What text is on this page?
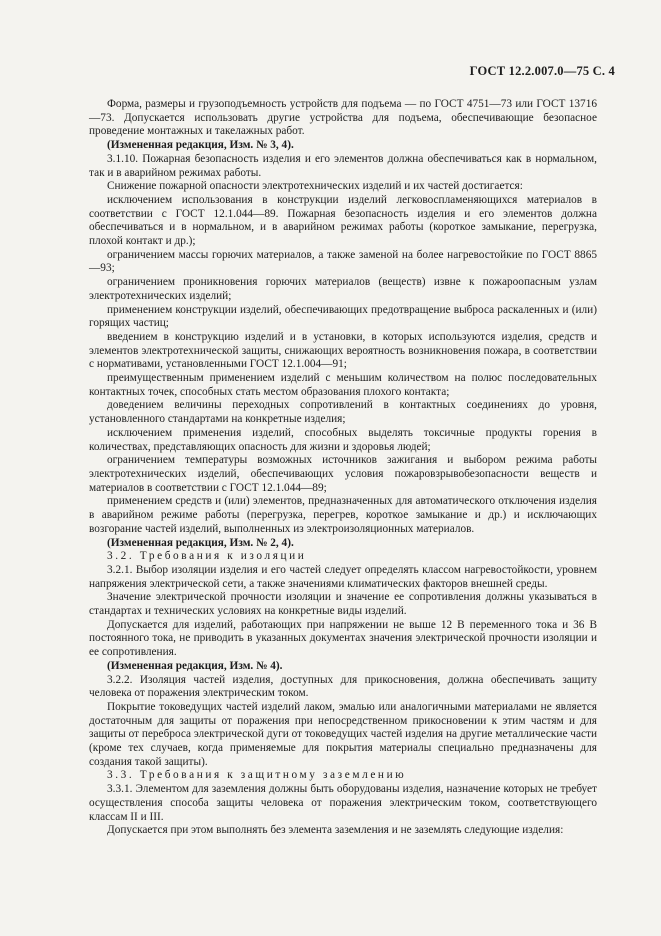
ГОСТ 12.2.007.0—75 С. 4

Форма, размеры и грузоподъемность устройств для подъема — по ГОСТ 4751—73 или ГОСТ 13716—73. Допускается использовать другие устройства для подъема, обеспечивающие безопасное проведение монтажных и такелажных работ.

(Измененная редакция, Изм. № 3, 4).

3.1.10. Пожарная безопасность изделия и его элементов должна обеспечиваться как в нормальном, так и в аварийном режимах работы.

Снижение пожарной опасности электротехнических изделий и их частей достигается:

исключением использования в конструкции изделий легковоспламеняющихся материалов в соответствии с ГОСТ 12.1.044—89. Пожарная безопасность изделия и его элементов должна обеспечиваться и в нормальном, и в аварийном режимах работы (короткое замыкание, перегрузка, плохой контакт и др.);

ограничением массы горючих материалов, а также заменой на более нагревостойкие по ГОСТ 8865—93;

ограничением проникновения горючих материалов (веществ) извне к пожароопасным узлам электротехнических изделий;

применением конструкции изделий, обеспечивающих предотвращение выброса раскаленных и (или) горящих частиц;

введением в конструкцию изделий и в установки, в которых используются изделия, средств и элементов электротехнической защиты, снижающих вероятность возникновения пожара, в соответствии с нормативами, установленными ГОСТ 12.1.004—91;

преимущественным применением изделий с меньшим количеством на полюс последовательных контактных точек, способных стать местом образования плохого контакта;

доведением величины переходных сопротивлений в контактных соединениях до уровня, установленного стандартами на конкретные изделия;

исключением применения изделий, способных выделять токсичные продукты горения в количествах, представляющих опасность для жизни и здоровья людей;

ограничением температуры возможных источников зажигания и выбором режима работы электротехнических изделий, обеспечивающих условия пожаровзрывобезопасности веществ и материалов в соответствии с ГОСТ 12.1.044—89;

применением средств и (или) элементов, предназначенных для автоматического отключения изделия в аварийном режиме работы (перегрузка, перегрев, короткое замыкание и др.) и исключающих возгорание частей изделий, выполненных из электроизоляционных материалов.

(Измененная редакция, Изм. № 2, 4).

3.2. Требования к изоляции

3.2.1. Выбор изоляции изделия и его частей следует определять классом нагревостойкости, уровнем напряжения электрической сети, а также значениями климатических факторов внешней среды.

Значение электрической прочности изоляции и значение ее сопротивления должны указываться в стандартах и технических условиях на конкретные виды изделий.

Допускается для изделий, работающих при напряжении не выше 12 В переменного тока и 36 В постоянного тока, не приводить в указанных документах значения электрической прочности изоляции и ее сопротивления.

(Измененная редакция, Изм. № 4).

3.2.2. Изоляция частей изделия, доступных для прикосновения, должна обеспечивать защиту человека от поражения электрическим током.

Покрытие токоведущих частей изделий лаком, эмалью или аналогичными материалами не является достаточным для защиты от поражения при непосредственном прикосновении к этим частям и для защиты от переброса электрической дуги от токоведущих частей изделия на другие металлические части (кроме тех случаев, когда применяемые для покрытия материалы специально предназначены для создания такой защиты).

3.3. Требования к защитному заземлению

3.3.1. Элементом для заземления должны быть оборудованы изделия, назначение которых не требует осуществления способа защиты человека от поражения электрическим током, соответствующего классам II и III.

Допускается при этом выполнять без элемента заземления и не заземлять следующие изделия:
